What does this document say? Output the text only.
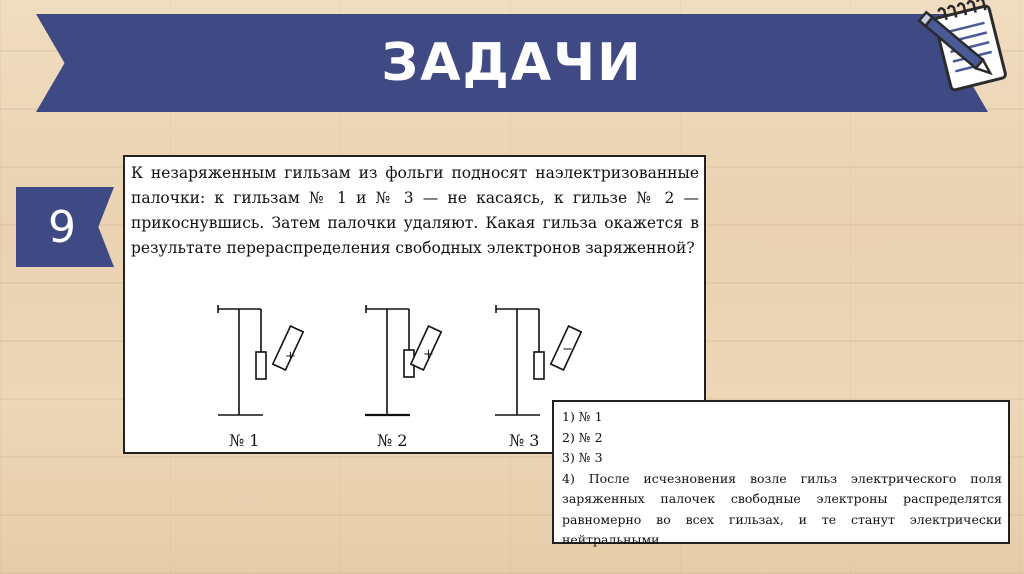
ЗАДАЧИ
9
К незаряженным гильзам из фольги подносят наэлектризованные палочки: к гильзам № 1 и № 3 — не касаясь, к гильзе № 2 — прикоснувшись. Затем палочки удаляют. Какая гильза окажется в результате перераспределения свободных электронов заряженной?
+
№ 1
+
№ 2
−
№ 3
1) № 1
2) № 2
3) № 3
4) После исчезновения возле гильз электрического поля заряженных палочек свободные электроны распределятся равномерно во всех гильзах, и те станут электрически нейтральными
